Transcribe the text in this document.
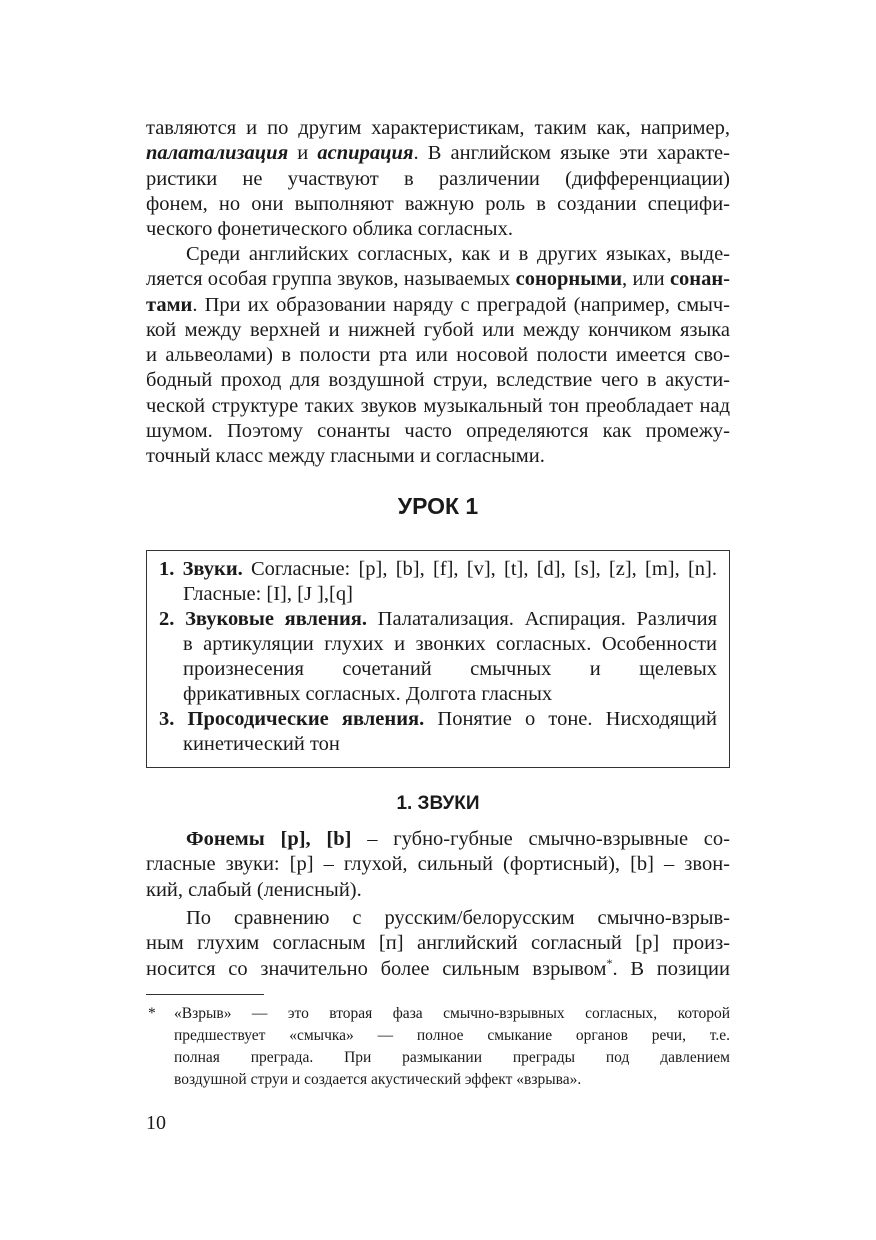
тавляются и по другим характеристикам, таким как, например,
палатализация и аспирация. В английском языке эти характе-
ристики не участвуют в различении (дифференциации)
фонем, но они выполняют важную роль в создании специфи-
ческого фонетического облика согласных.

Среди английских согласных, как и в других языках, выде-
ляется особая группа звуков, называемых сонорными, или сонан-
тами. При их образовании наряду с преградой (например, смыч-
кой между верхней и нижней губой или между кончиком языка
и альвеолами) в полости рта или носовой полости имеется сво-
бодный проход для воздушной струи, вследствие чего в акусти-
ческой структуре таких звуков музыкальный тон преобладает над
шумом. Поэтому сонанты часто определяются как промежу-
точный класс между гласными и согласными.

УРОК 1
1. Звуки. Согласные: [p], [b], [f], [v], [t], [d], [s], [z], [m], [n].
Гласные: [I], [J ],[q]
2. Звуковые явления. Палатализация. Аспирация. Различия
в артикуляции глухих и звонких согласных. Особенности
произнесения сочетаний смычных и щелевых
фрикативных согласных. Долгота гласных
3. Просодические явления. Понятие о тоне. Нисходящий
кинетический тон
1. ЗВУКИ

Фонемы [p], [b] – губно-губные смычно-взрывные со-
гласные звуки: [p] – глухой, сильный (фортисный), [b] – звон-
кий, слабый (ленисный).

По сравнению с русским/белорусским смычно-взрыв-
ным глухим согласным [п] английский согласный [p] произ-
носится со значительно более сильным взрывом*. В позиции

* «Взрыв» — это вторая фаза смычно-взрывных согласных, которой
предшествует «смычка» — полное смыкание органов речи, т.е.
полная преграда. При размыкании преграды под давлением
воздушной струи и создается акустический эффект «взрыва».
10
